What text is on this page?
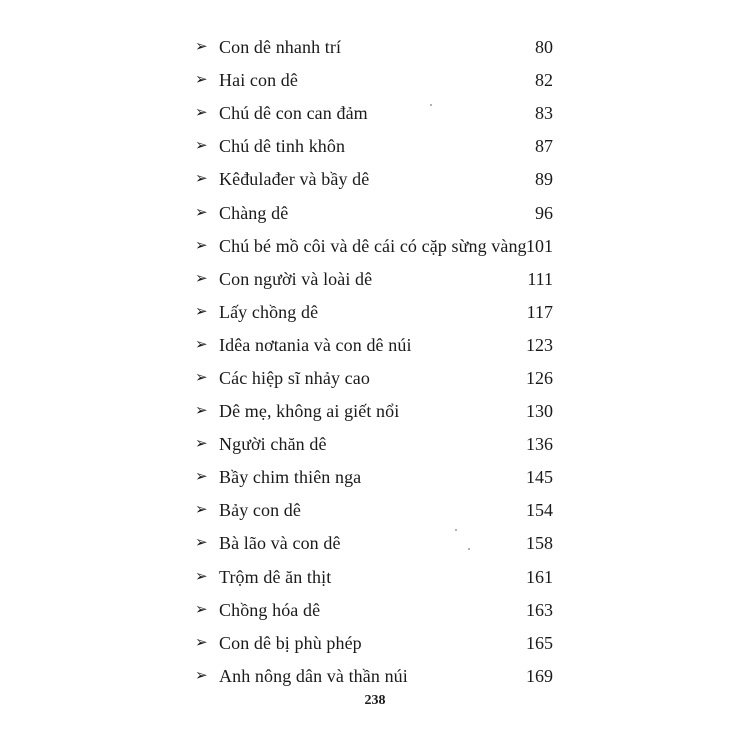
➢ Con dê nhanh trí	80
➢ Hai con dê	82
➢ Chú dê con can đảm	83
➢ Chú dê tinh khôn	87
➢ Kêđulađer và bầy dê	89
➢ Chàng dê	96
➢ Chú bé mồ côi và dê cái có cặp sừng vàng 101
➢ Con người và loài dê	111
➢ Lấy chồng dê	117
➢ Idêa nơtania và con dê núi	123
➢ Các hiệp sĩ nhảy cao	126
➢ Dê mẹ, không ai giết nổi	130
➢ Người chăn dê	136
➢ Bầy chim thiên nga	145
➢ Bảy con dê	154
➢ Bà lão và con dê	158
➢ Trộm dê ăn thịt	161
➢ Chồng hóa dê	163
➢ Con dê bị phù phép	165
➢ Anh nông dân và thần núi	169
238
